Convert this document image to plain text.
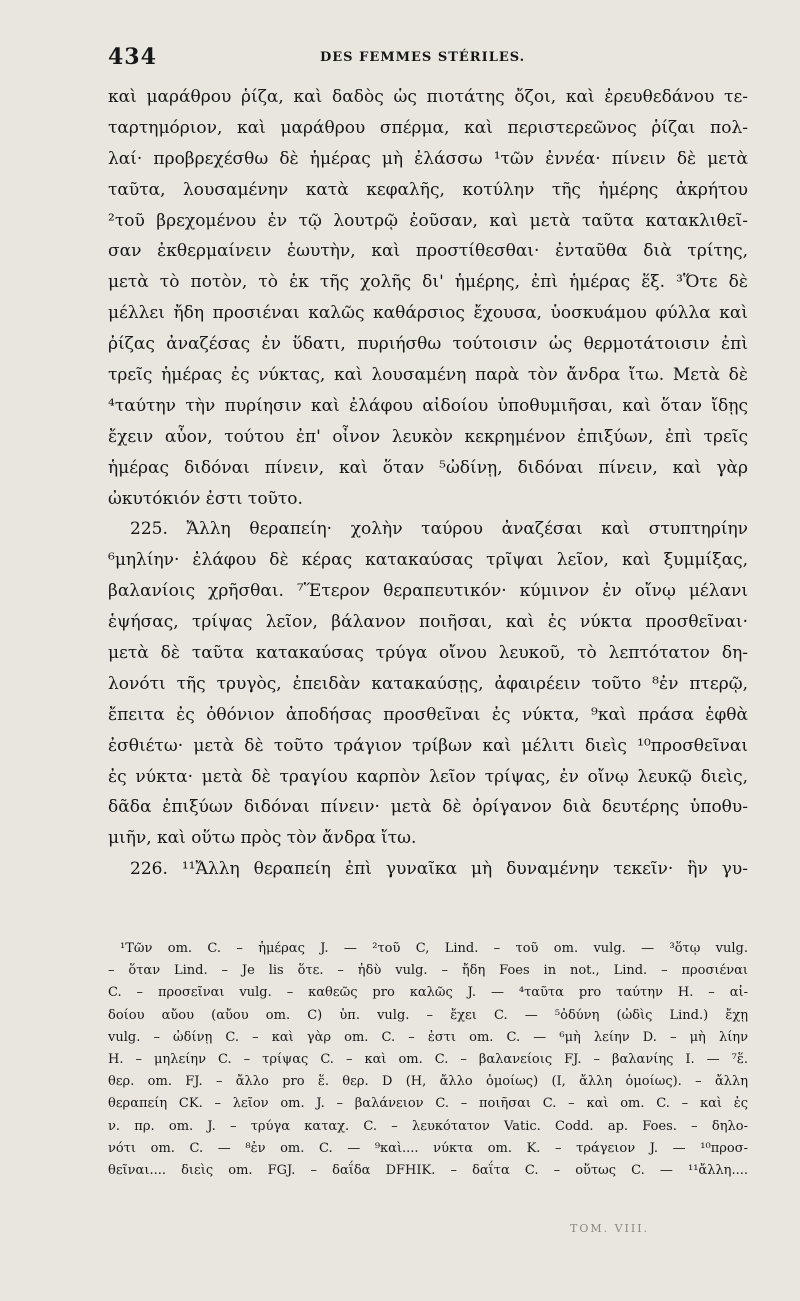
434	DES FEMMES STÉRILES.
καὶ μαράθρου ῥίζα, καὶ δαδὸς ὡς πιοτάτης ὄζοι, καὶ ἐρευθεδάνου τε-
ταρτημόριον, καὶ μαράθρου σπέρμα, καὶ περιστερεῶνος ῥίζαι πολ-
λαί· προβρεχέσθω δὲ ἡμέρας μὴ ἐλάσσω ¹τῶν ἐννέα· πίνειν δὲ μετὰ
ταῦτα, λουσαμένην κατὰ κεφαλῆς, κοτύλην τῆς ἡμέρης ἀκρήτου
²τοῦ βρεχομένου ἐν τῷ λουτρῷ ἐοῦσαν, καὶ μετὰ ταῦτα κατακλιθεῖ-
σαν ἐκθερμαίνειν ἑωυτὴν, καὶ προστίθεσθαι· ἐνταῦθα διὰ τρίτης,
μετὰ τὸ ποτὸν, τὸ ἐκ τῆς χολῆς δι' ἡμέρης, ἐπὶ ἡμέρας ἕξ. ³Ὅτε δὲ
μέλλει ἤδη προσιέναι καλῶς καθάρσιος ἔχουσα, ὑοσκυάμου φύλλα καὶ
ῥίζας ἀναζέσας ἐν ὕδατι, πυριήσθω τούτοισιν ὡς θερμοτάτοισιν ἐπὶ
τρεῖς ἡμέρας ἐς νύκτας, καὶ λουσαμένη παρὰ τὸν ἄνδρα ἴτω. Μετὰ δὲ
⁴ταύτην τὴν πυρίησιν καὶ ἐλάφου αἰδοίου ὑποθυμιῆσαι, καὶ ὅταν ἴδῃς
ἔχειν αὖον, τούτου ἐπ' οἶνον λευκὸν κεκρημένον ἐπιξύων, ἐπὶ τρεῖς
ἡμέρας διδόναι πίνειν, καὶ ὅταν ⁵ὠδίνῃ, διδόναι πίνειν, καὶ γὰρ
ὠκυτόκιόν ἐστι τοῦτο.
225. Ἄλλη θεραπείη· χολὴν ταύρου ἀναζέσαι καὶ στυπτηρίην
⁶μηλίην· ἐλάφου δὲ κέρας κατακαύσας τρῖψαι λεῖον, καὶ ξυμμίξας,
βαλανίοις χρῆσθαι. ⁷Ἕτερον θεραπευτικόν· κύμινον ἐν οἴνῳ μέλανι
ἑψήσας, τρίψας λεῖον, βάλανον ποιῆσαι, καὶ ἐς νύκτα προσθεῖναι·
μετὰ δὲ ταῦτα κατακαύσας τρύγα οἴνου λευκοῦ, τὸ λεπτότατον δη-
λονότι τῆς τρυγὸς, ἐπειδὰν κατακαύσῃς, ἀφαιρέειν τοῦτο ⁸ἐν πτερῷ,
ἔπειτα ἐς ὀθόνιον ἀποδήσας προσθεῖναι ἐς νύκτα, ⁹καὶ πράσα ἑφθὰ
ἐσθιέτω· μετὰ δὲ τοῦτο τράγιον τρίβων καὶ μέλιτι διεὶς ¹⁰προσθεῖναι
ἐς νύκτα· μετὰ δὲ τραγίου καρπὸν λεῖον τρίψας, ἐν οἴνῳ λευκῷ διεὶς,
δᾶδα ἐπιξύων διδόναι πίνειν· μετὰ δὲ ὀρίγανον διὰ δευτέρης ὑποθυ-
μιῆν, καὶ οὕτω πρὸς τὸν ἄνδρα ἴτω.
226. ¹¹Ἄλλη θεραπείη ἐπὶ γυναῖκα μὴ δυναμένην τεκεῖν· ἢν γυ-
¹Τῶν om. C. – ἡμέρας J. — ²τοῦ C, Lind. – τοῦ om. vulg. — ³ὅτῳ vulg.
– ὅταν Lind. – Je lis ὅτε. – ἠδὺ vulg. – ἤδη Foes in not., Lind. – προσιέναι
C. – προσεῖναι vulg. – καθεῶς pro καλῶς J. — ⁴ταῦτα pro ταύτην H. – αἰ-
δοίου αὔου (αὔου om. C) ὑπ. vulg. – ἔχει C. — ⁵ὀδύνη (ὠδὶς Lind.) ἔχῃ
vulg. – ὠδίνῃ C. – καὶ γὰρ om. C. – ἐστι om. C. — ⁶μὴ λείην D. – μὴ λίην
H. – μηλείην C. – τρίψας C. – καὶ om. C. – βαλανείοις FJ. – βαλανίης I. — ⁷ἕ.
θερ. om. FJ. – ἄλλο pro ἕ. θερ. D (H, ἄλλο ὁμοίως) (I, ἄλλη ὁμοίως). – ἄλλη
θεραπείη CK. – λεῖον om. J. – βαλάνειον C. – ποιῆσαι C. – καὶ om. C. – καὶ ἐς
ν. πρ. om. J. – τρύγα καταχ. C. – λευκότατον Vatic. Codd. ap. Foes. – δηλο-
νότι om. C. — ⁸ἐν om. C. — ⁹καὶ.... νύκτα om. K. – τράγειον J. — ¹⁰προσ-
θεῖναι.... διεὶς om. FGJ. – δαΐδα DFHIK. – δαΐτα C. – οὕτως C. — ¹¹ἄλλη....
TOM. VIII.
